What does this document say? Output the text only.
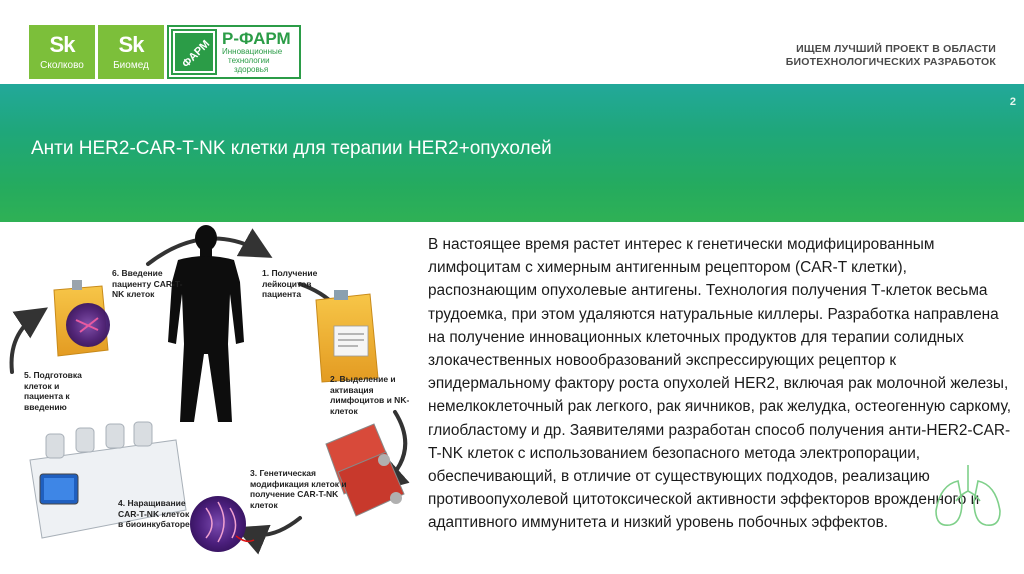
Sk
Сколково
Sk
Биомед	ФАРМ Р-ФАРМ
Инновационные
технологии
здоровья
ИЩЕМ ЛУЧШИЙ ПРОЕКТ В ОБЛАСТИ
БИОТЕХНОЛОГИЧЕСКИХ РАЗРАБОТОК
2
Анти HER2-CAR-T-NK клетки для терапии HER2+опухолей
1. Получение
лейкоцитов
пациента
2. Выделение и
активация
лимфоцитов и NK-
клеток
3. Генетическая
модификация клеток и
получение CAR-T-NK
клеток
4. Наращивание
CAR-T-NK клеток
в биоинкубаторе
5. Подготовка
клеток и
пациента к
введению
6. Введение
пациенту CAR-T-
NK клеток
В настоящее время растет интерес к генетически модифицированным лимфоцитам с химерным антигенным рецептором (CAR-T клетки), распознающим опухолевые антигены. Технология получения Т-клеток весьма трудоемка, при этом удаляются натуральные киллеры. Разработка направлена на получение инновационных клеточных продуктов для терапии солидных злокачественных новообразований экспрессирующих рецептор к эпидермальному фактору роста опухолей HER2, включая рак молочной железы, немелкоклеточный рак легкого, рак яичников, рак желудка, остеогенную саркому, глиобластому и др. Заявителями разработан способ получения анти-HER2-CAR-T-NK клеток с использованием безопасного метода электропорации, обеспечивающий, в отличие от существующих подходов, реализацию противоопухолевой цитотоксической активности эффекторов врожденного и адаптивного иммунитета и низкий уровень побочных эффектов.
